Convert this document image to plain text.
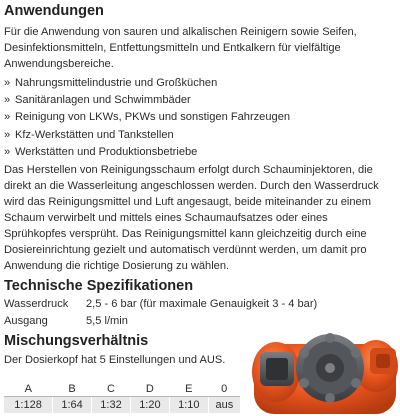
Anwendungen

Für die Anwendung von sauren und alkalischen Reinigern sowie Seifen, Desinfektionsmitteln, Entfettungsmitteln und Entkalkern für vielfältige Anwendungsbereiche.

» Nahrungsmittelindustrie und Großküchen
» Sanitäranlagen und Schwimmbäder
» Reinigung von LKWs, PKWs und sonstigen Fahrzeugen
» Kfz-Werkstätten und Tankstellen
» Werkstätten und Produktionsbetriebe

Das Herstellen von Reinigungsschaum erfolgt durch Schauminjektoren, die direkt an die Wasserleitung angeschlossen werden. Durch den Wasserdruck wird das Reinigungsmittel und Luft angesaugt, beide miteinander zu einem Schaum verwirbelt und mittels eines Schaumaufsatzes oder eines Sprühkopfes versprüht. Das Reinigungsmittel kann gleichzeitig durch eine Dosiereinrichtung gezielt und automatisch verdünnt werden, um damit pro Anwendung die richtige Dosierung zu wählen.

Technische Spezifikationen
Wasserdruck	2,5 - 6 bar (für maximale Genauigkeit 3 - 4 bar)
Ausgang	5,5 l/min
Mischungsverhältnis

Der Dosierkopf hat 5 Einstellungen und AUS.

A	B	C	D	E	0
1:128	1:64	1:32	1:20	1:10	aus
